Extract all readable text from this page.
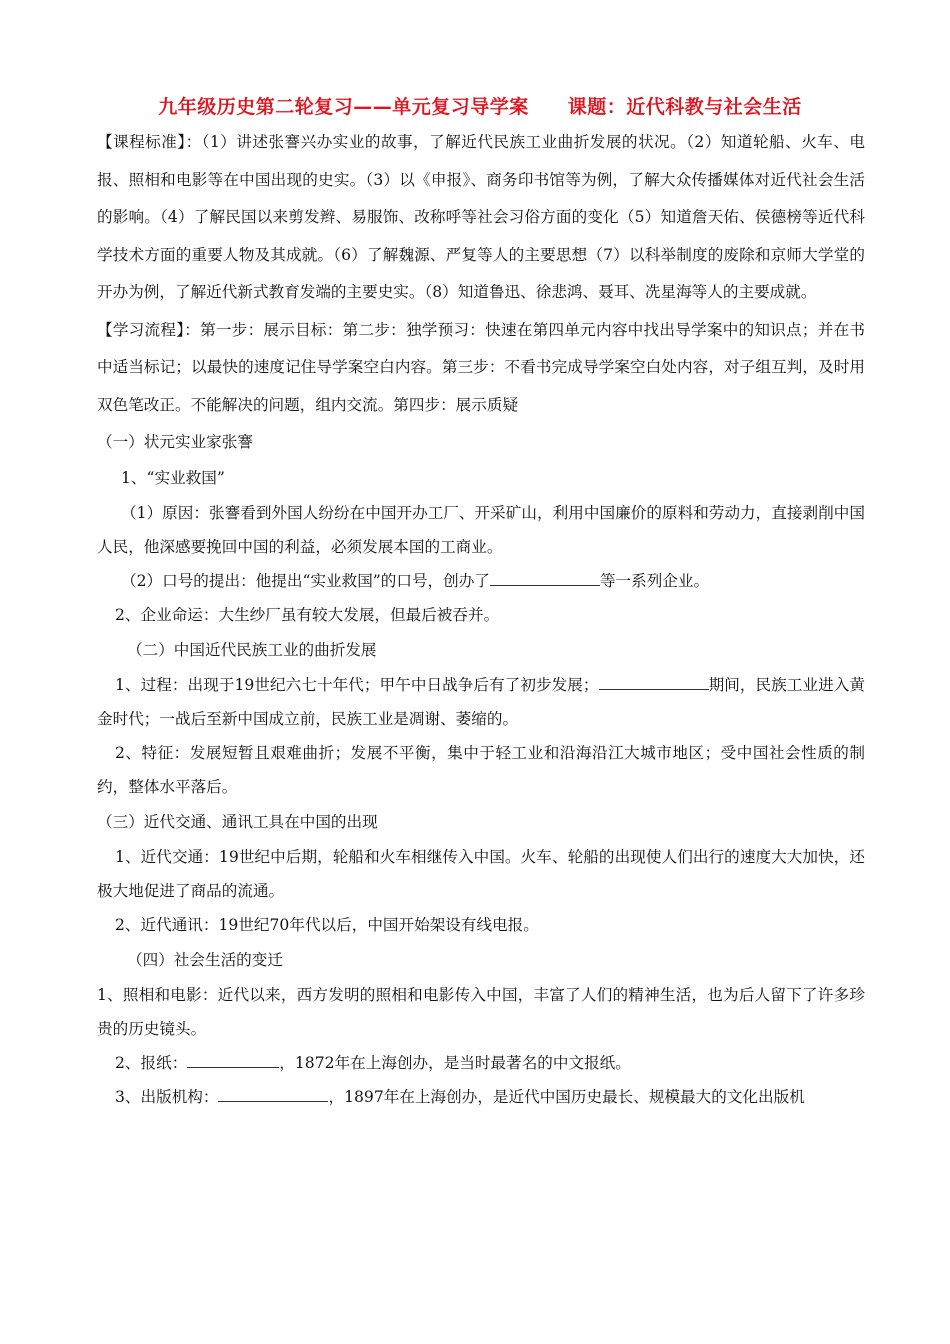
九年级历史第二轮复习——单元复习导学案　　课题：近代科教与社会生活

【课程标准】：（1）讲述张謇兴办实业的故事，了解近代民族工业曲折发展的状况。（2）知道轮船、火车、电报、照相和电影等在中国出现的史实。（3）以《申报》、商务印书馆等为例，了解大众传播媒体对近代社会生活的影响。（4）了解民国以来剪发辫、易服饰、改称呼等社会习俗方面的变化（5）知道詹天佑、侯德榜等近代科学技术方面的重要人物及其成就。（6）了解魏源、严复等人的主要思想（7）以科举制度的废除和京师大学堂的开办为例，了解近代新式教育发端的主要史实。（8）知道鲁迅、徐悲鸿、聂耳、冼星海等人的主要成就。

【学习流程】：第一步：展示目标：第二步：独学预习：快速在第四单元内容中找出导学案中的知识点；并在书中适当标记；以最快的速度记住导学案空白内容。第三步：不看书完成导学案空白处内容，对子组互判，及时用双色笔改正。不能解决的问题，组内交流。第四步：展示质疑

（一）状元实业家张謇

1、“实业救国”

（1）原因：张謇看到外国人纷纷在中国开办工厂、开采矿山，利用中国廉价的原料和劳动力，直接剥削中国人民，他深感要挽回中国的利益，必须发展本国的工商业。

（2）口号的提出：他提出“实业救国”的口号，创办了	等一系列企业。

2、企业命运：大生纱厂虽有较大发展，但最后被吞并。

（二）中国近代民族工业的曲折发展

1、过程：出现于19世纪六七十年代；甲午中日战争后有了初步发展；	期间，民族工业进入黄金时代；一战后至新中国成立前，民族工业是凋谢、萎缩的。

2、特征：发展短暂且艰难曲折；发展不平衡，集中于轻工业和沿海沿江大城市地区；受中国社会性质的制约，整体水平落后。

（三）近代交通、通讯工具在中国的出现

1、近代交通：19世纪中后期，轮船和火车相继传入中国。火车、轮船的出现使人们出行的速度大大加快，还极大地促进了商品的流通。

2、近代通讯：19世纪70年代以后，中国开始架设有线电报。

（四）社会生活的变迁

1、照相和电影：近代以来，西方发明的照相和电影传入中国，丰富了人们的精神生活，也为后人留下了许多珍贵的历史镜头。

2、报纸：	，1872年在上海创办，是当时最著名的中文报纸。

3、出版机构：	，1897年在上海创办，是近代中国历史最长、规模最大的文化出版机
